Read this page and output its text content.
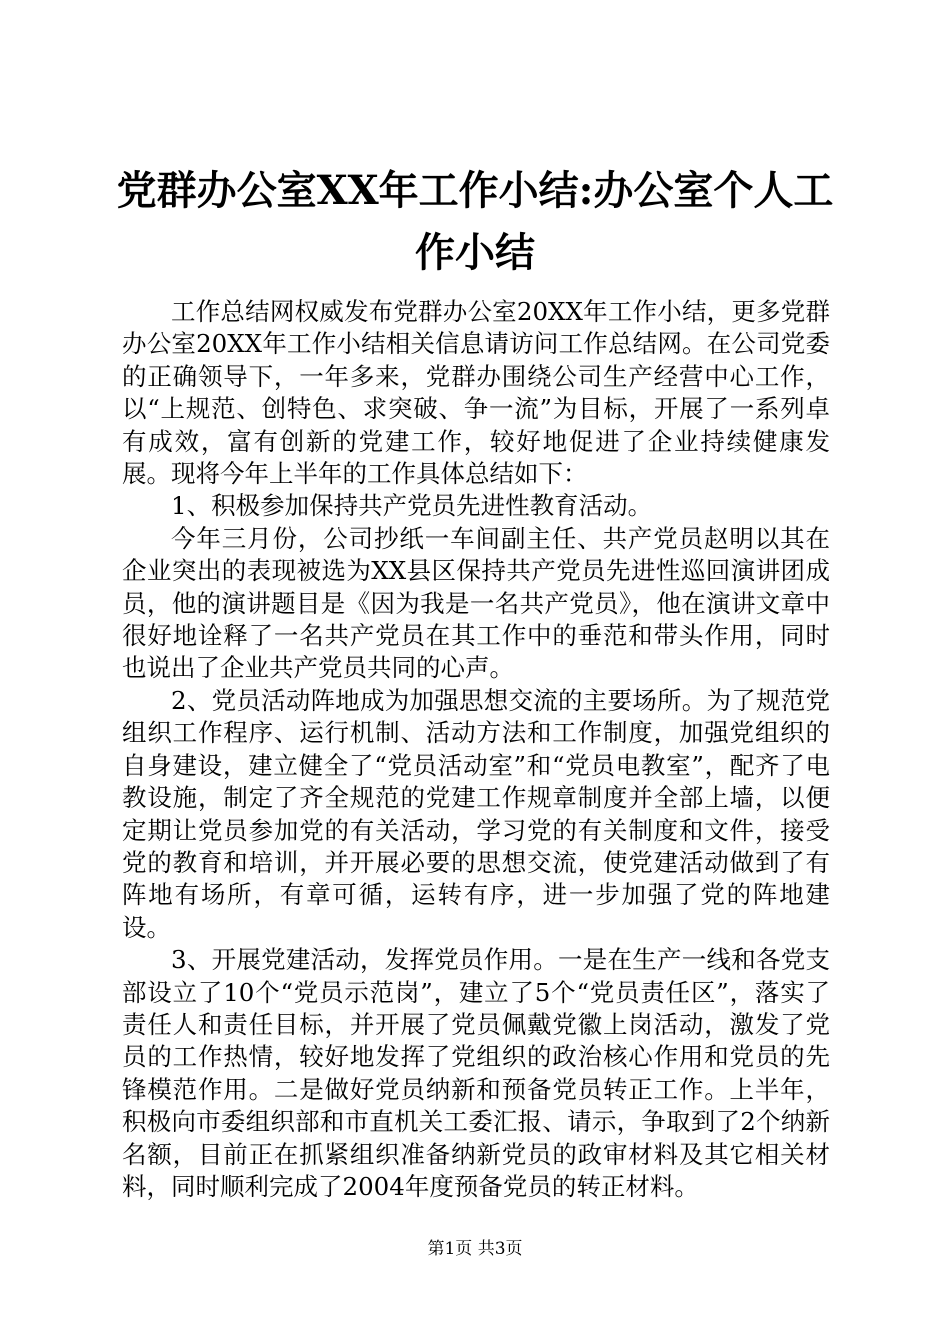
党群办公室XX年工作小结:办公室个人工作小结

工作总结网权威发布党群办公室20XX年工作小结，更多党群办公室20XX年工作小结相关信息请访问工作总结网。在公司党委的正确领导下，一年多来，党群办围绕公司生产经营中心工作，以“上规范、创特色、求突破、争一流”为目标，开展了一系列卓有成效，富有创新的党建工作，较好地促进了企业持续健康发展。现将今年上半年的工作具体总结如下：

1、积极参加保持共产党员先进性教育活动。

今年三月份，公司抄纸一车间副主任、共产党员赵明以其在企业突出的表现被选为XX县区保持共产党员先进性巡回演讲团成员，他的演讲题目是《因为我是一名共产党员》，他在演讲文章中很好地诠释了一名共产党员在其工作中的垂范和带头作用，同时也说出了企业共产党员共同的心声。

2、党员活动阵地成为加强思想交流的主要场所。为了规范党组织工作程序、运行机制、活动方法和工作制度，加强党组织的自身建设，建立健全了“党员活动室”和“党员电教室”，配齐了电教设施，制定了齐全规范的党建工作规章制度并全部上墙，以便定期让党员参加党的有关活动，学习党的有关制度和文件，接受党的教育和培训，并开展必要的思想交流，使党建活动做到了有阵地有场所，有章可循，运转有序，进一步加强了党的阵地建设。

3、开展党建活动，发挥党员作用。一是在生产一线和各党支部设立了10个“党员示范岗”，建立了5个“党员责任区”，落实了责任人和责任目标，并开展了党员佩戴党徽上岗活动，激发了党员的工作热情，较好地发挥了党组织的政治核心作用和党员的先锋模范作用。二是做好党员纳新和预备党员转正工作。上半年，积极向市委组织部和市直机关工委汇报、请示，争取到了2个纳新名额，目前正在抓紧组织准备纳新党员的政审材料及其它相关材料，同时顺利完成了2004年度预备党员的转正材料。

第1页 共3页
